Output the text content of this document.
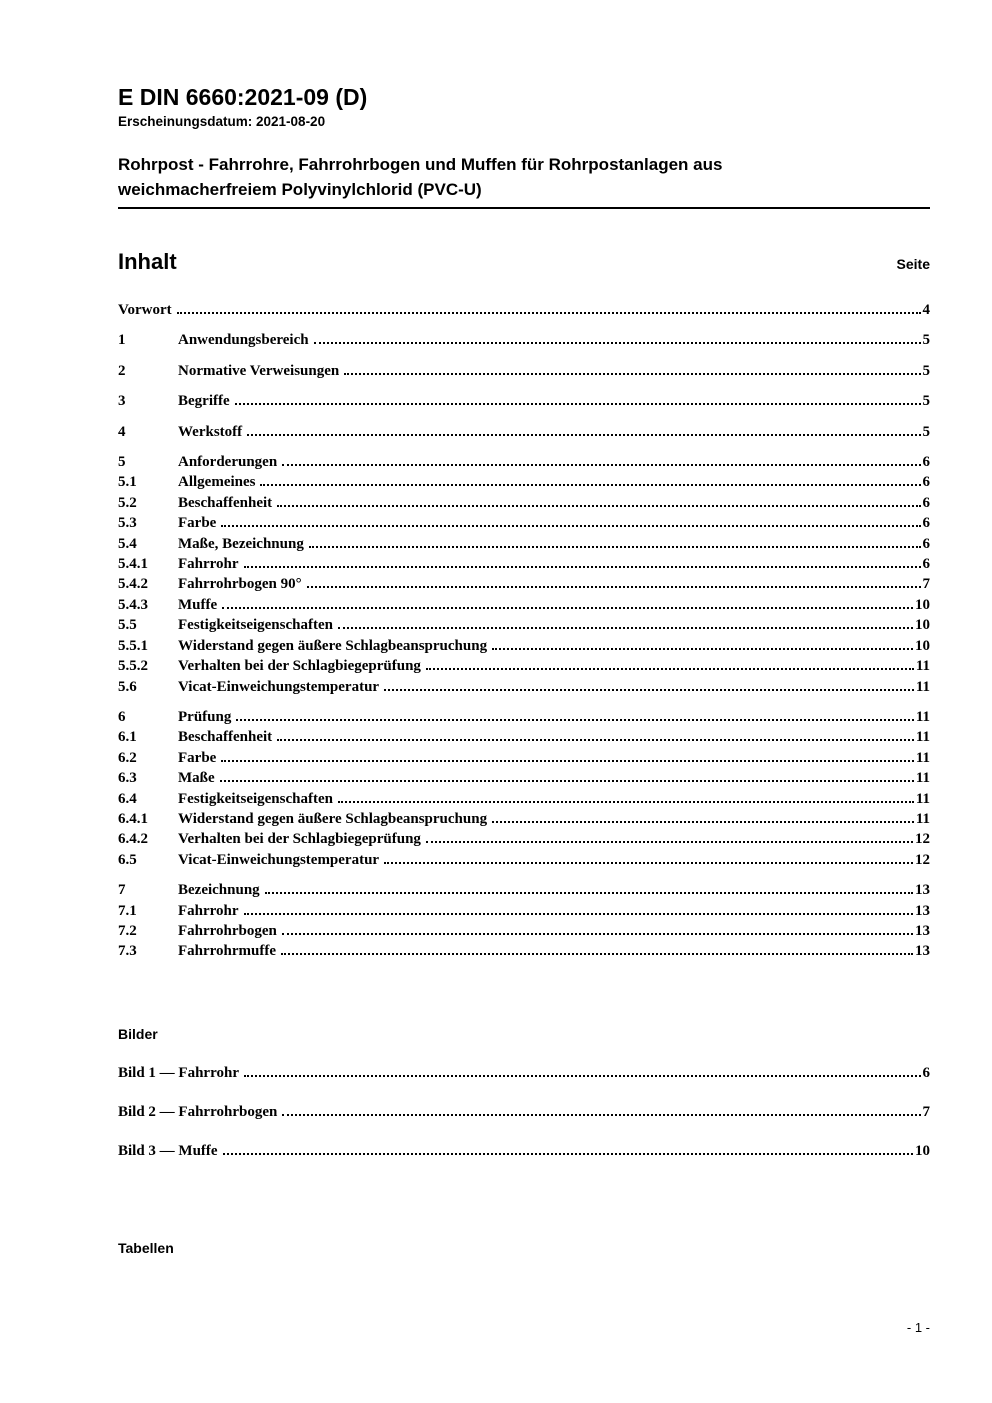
E DIN 6660:2021-09 (D)
Erscheinungsdatum: 2021-08-20
Rohrpost - Fahrrohre, Fahrrohrbogen und Muffen für Rohrpostanlagen aus
weichmacherfreiem Polyvinylchlorid (PVC-U)
Inhalt	Seite
Vorwort	4
1	Anwendungsbereich	5
2	Normative Verweisungen	5
3	Begriffe	5
4	Werkstoff	5
5	Anforderungen	6
5.1	Allgemeines	6
5.2	Beschaffenheit	6
5.3	Farbe	6
5.4	Maße, Bezeichnung	6
5.4.1	Fahrrohr	6
5.4.2	Fahrrohrbogen 90°	7
5.4.3	Muffe	10
5.5	Festigkeitseigenschaften	10
5.5.1	Widerstand gegen äußere Schlagbeanspruchung	10
5.5.2	Verhalten bei der Schlagbiegeprüfung	11
5.6	Vicat-Einweichungstemperatur	11
6	Prüfung	11
6.1	Beschaffenheit	11
6.2	Farbe	11
6.3	Maße	11
6.4	Festigkeitseigenschaften	11
6.4.1	Widerstand gegen äußere Schlagbeanspruchung	11
6.4.2	Verhalten bei der Schlagbiegeprüfung	12
6.5	Vicat-Einweichungstemperatur	12
7	Bezeichnung	13
7.1	Fahrrohr	13
7.2	Fahrrohrbogen	13
7.3	Fahrrohrmuffe	13
Bilder
Bild 1 — Fahrrohr	6
Bild 2 — Fahrrohrbogen	7
Bild 3 — Muffe	10
Tabellen
- 1 -
